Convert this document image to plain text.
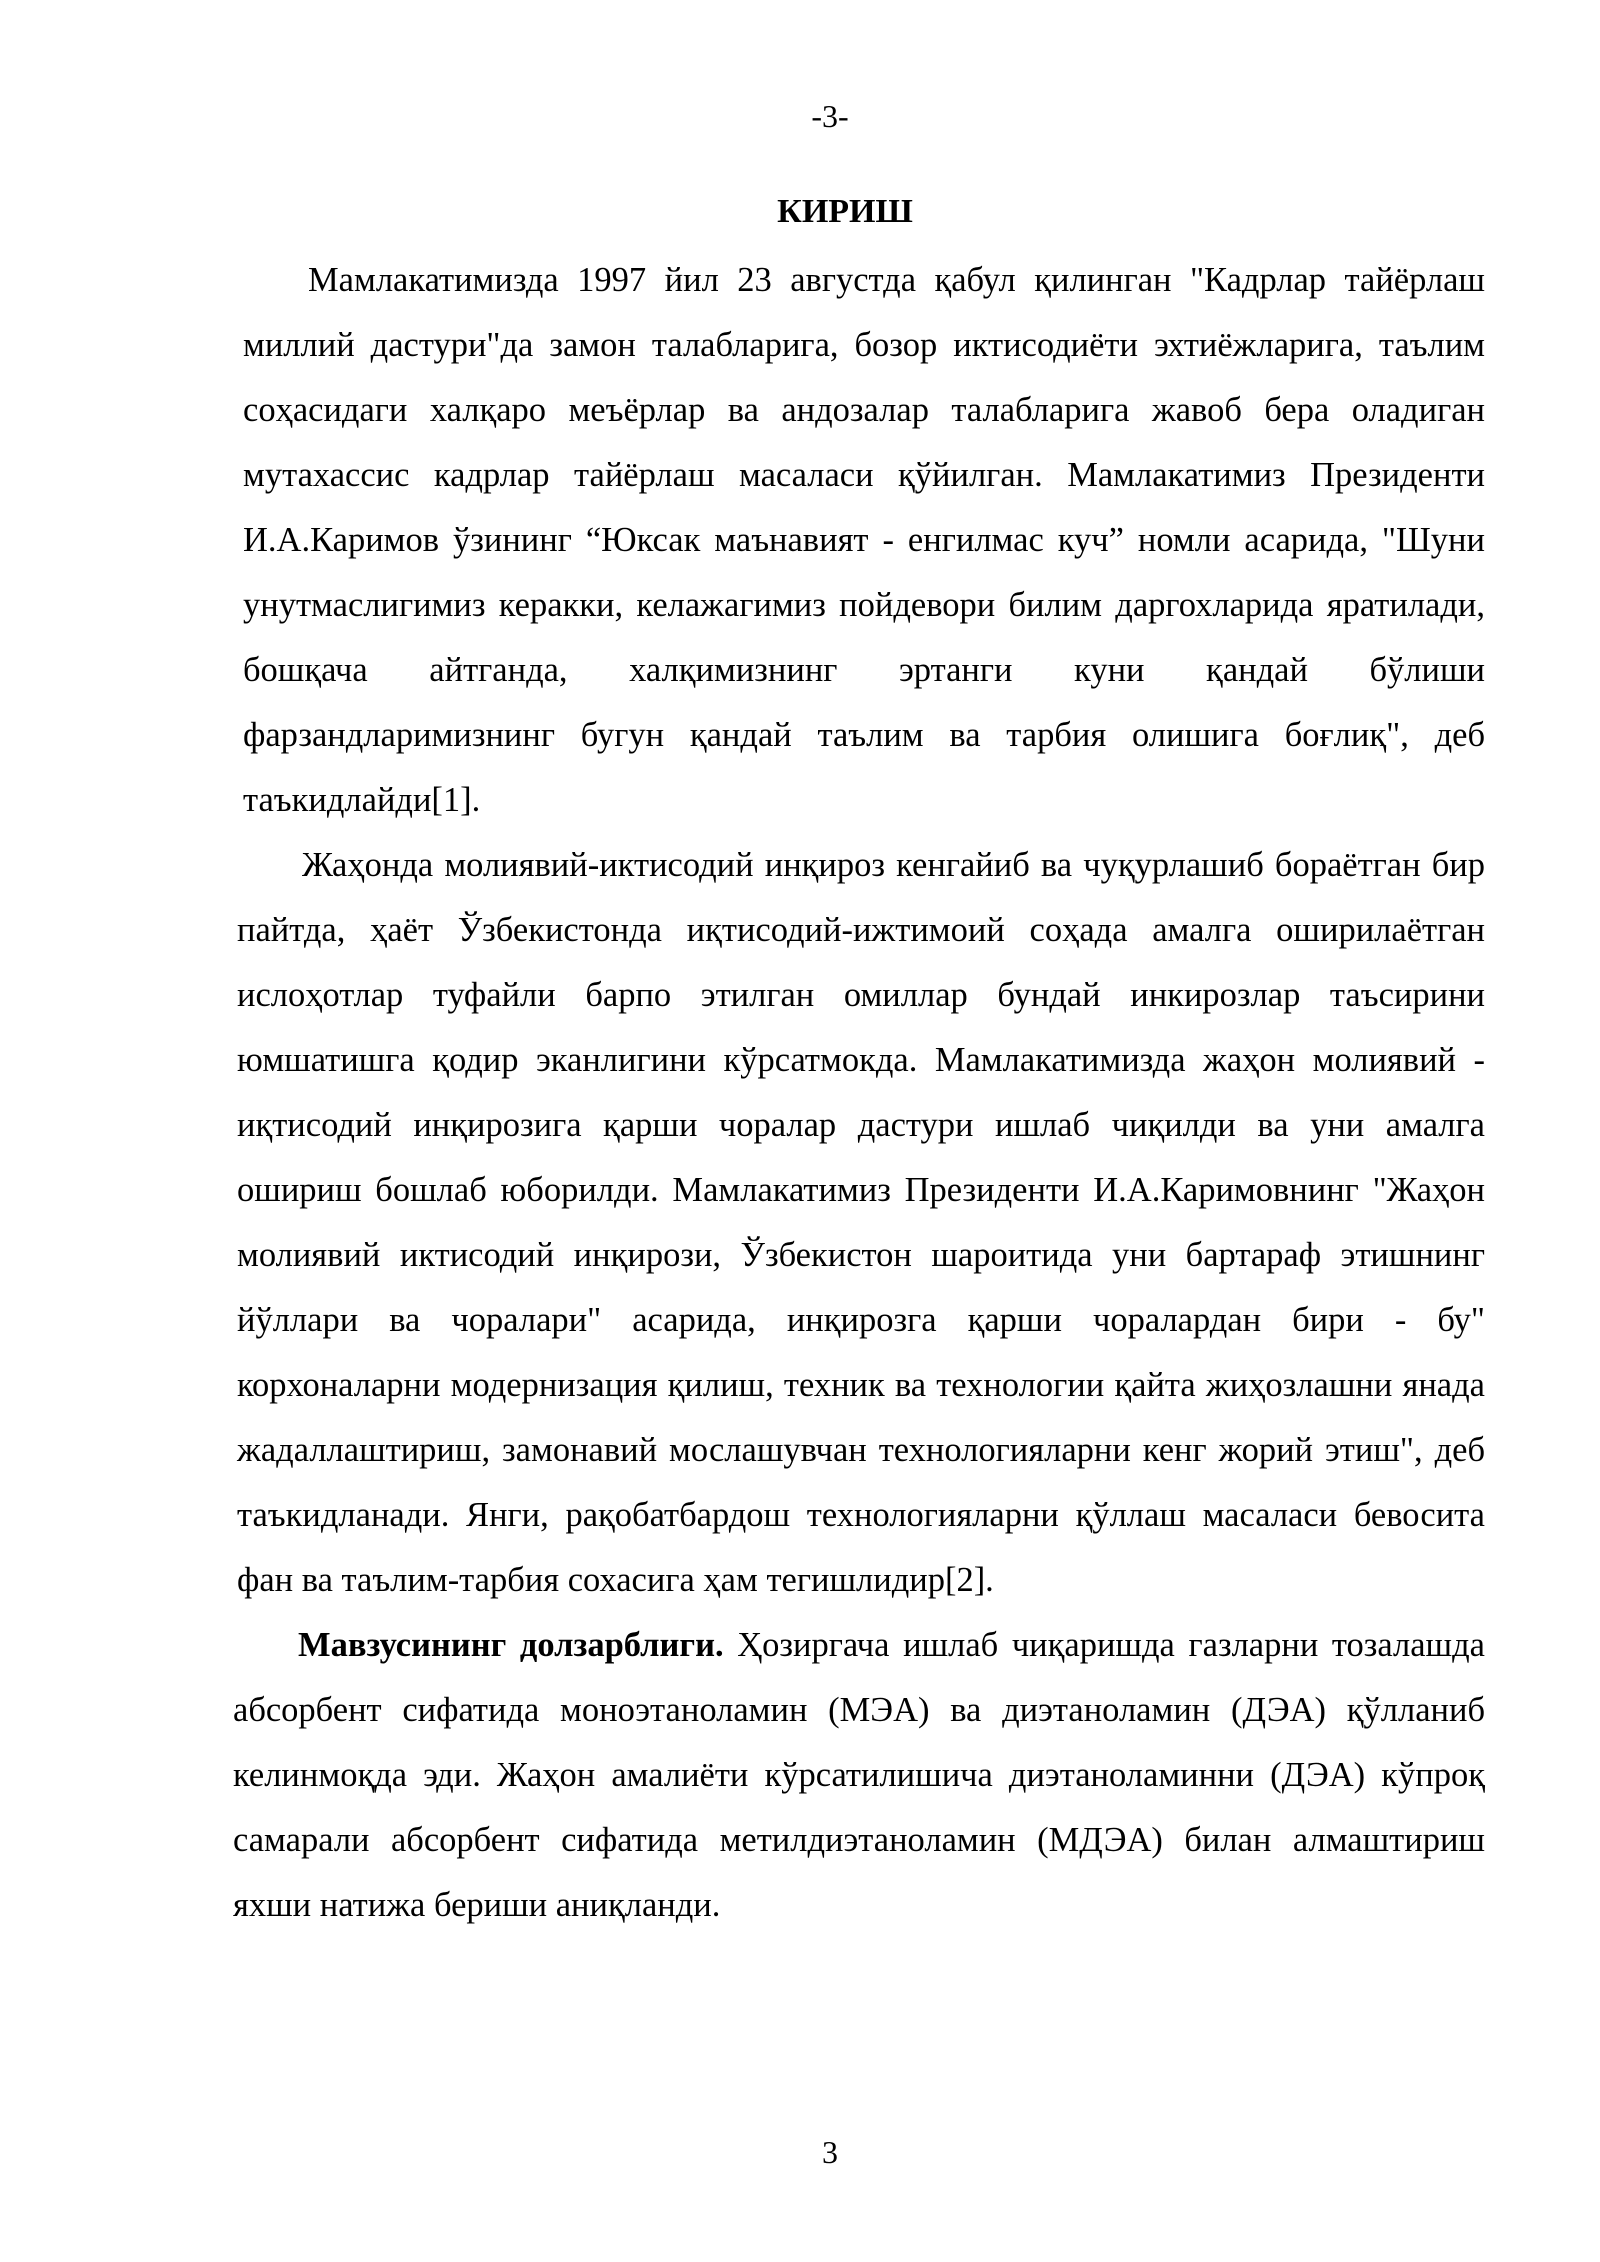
-3-
КИРИШ

Мамлакатимизда 1997 йил 23 августда қабул қилинган "Кадрлар тайёрлаш миллий дастури"да замон талабларига, бозор иктисодиёти эхтиёжларига, таълим соҳасидаги халқаро меъёрлар ва андозалар талабларига жавоб бера оладиган мутахассис кадрлар тайёрлаш масаласи қўйилган. Мамлакатимиз Президенти И.А.Каримов ўзининг “Юксак маънавият - енгилмас куч” номли асарида, "Шуни унутмаслигимиз керакки, келажагимиз пойдевори билим даргохларида яратилади, бошқача айтганда, халқимизнинг эртанги куни қандай бўлиши фарзандларимизнинг бугун қандай таълим ва тарбия олишига боғлиқ", деб таъкидлайди[1].

Жаҳонда молиявий-иктисодий инқироз кенгайиб ва чуқурлашиб бораётган бир пайтда, ҳаёт Ўзбекистонда иқтисодий-ижтимоий соҳада амалга оширилаётган ислоҳотлар туфайли барпо этилган омиллар бундай инкирозлар таъсирини юмшатишга қодир эканлигини кўрсатмокда. Мамлакатимизда жаҳон молиявий - иқтисодий инқирозига қарши чоралар дастури ишлаб чиқилди ва уни амалга ошириш бошлаб юборилди. Мамлакатимиз Президенти И.А.Каримовнинг "Жаҳон молиявий иктисодий инқирози, Ўзбекистон шароитида уни бартараф этишнинг йўллари ва чоралари" асарида, инқирозга қарши чоралардан бири - бу" корхоналарни модернизация қилиш, техник ва технологии қайта жиҳозлашни янада жадаллаштириш, замонавий мослашувчан технологияларни кенг жорий этиш", деб таъкидланади. Янги, рақобатбардош технологияларни қўллаш масаласи бевосита фан ва таълим-тарбия сохасига ҳам тегишлидир[2].

Мавзусининг долзарблиги. Ҳозиргача ишлаб чиқаришда газларни тозалашда абсорбент сифатида моноэтаноламин (МЭА) ва диэтаноламин (ДЭА) қўлланиб келинмоқда эди. Жаҳон амалиёти кўрсатилишича диэтаноламинни (ДЭА) кўпроқ самарали абсорбент сифатида метилдиэтаноламин (МДЭА) билан алмаштириш яхши натижа бериши аниқланди.

3
